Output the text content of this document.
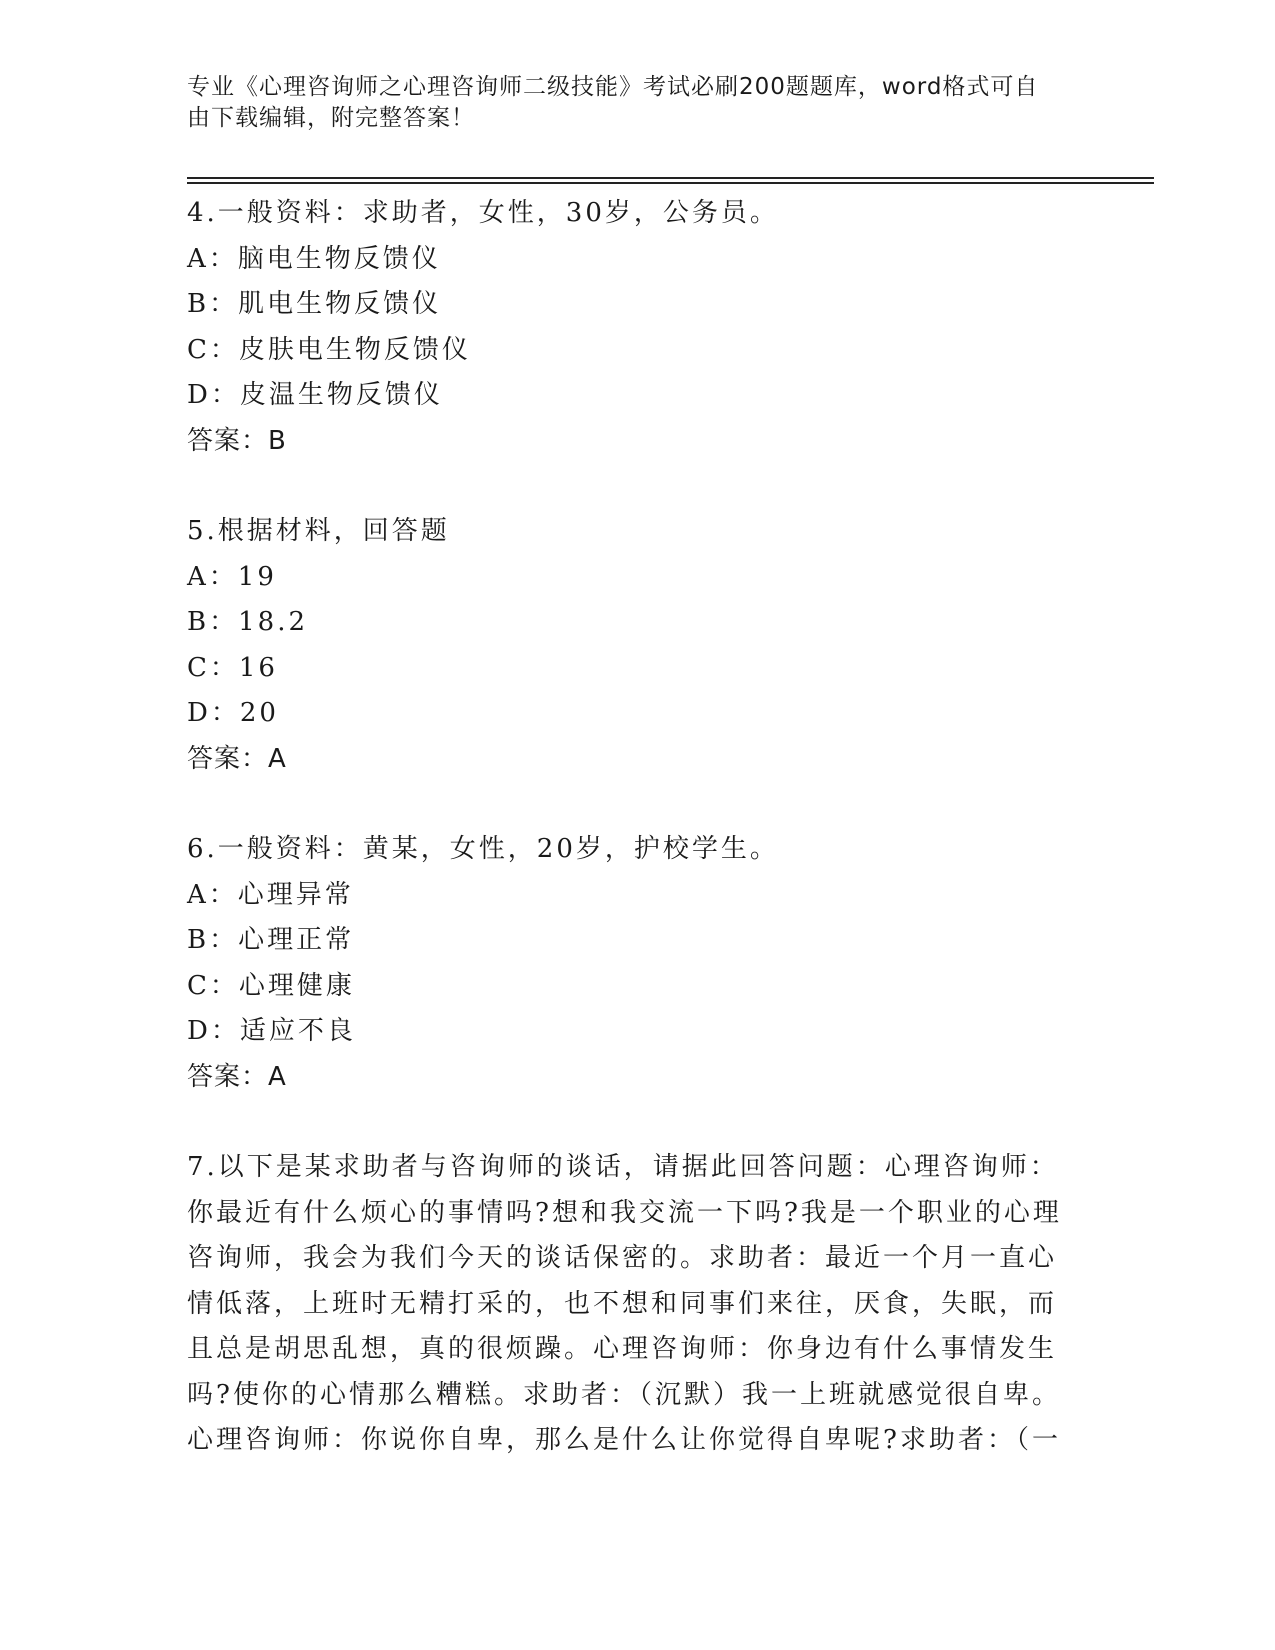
专业《心理咨询师之心理咨询师二级技能》考试必刷200题题库，word格式可自
由下载编辑，附完整答案！
4.一般资料：求助者，女性，30岁，公务员。
A：脑电生物反馈仪
B：肌电生物反馈仪
C：皮肤电生物反馈仪
D：皮温生物反馈仪
答案：B
5.根据材料，回答题
A：19
B：18.2
C：16
D：20
答案：A
6.一般资料：黄某，女性，20岁，护校学生。
A：心理异常
B：心理正常
C：心理健康
D：适应不良
答案：A
7.以下是某求助者与咨询师的谈话，请据此回答问题：心理咨询师：
你最近有什么烦心的事情吗?想和我交流一下吗?我是一个职业的心理
咨询师，我会为我们今天的谈话保密的。求助者：最近一个月一直心
情低落，上班时无精打采的，也不想和同事们来往，厌食，失眠，而
且总是胡思乱想，真的很烦躁。心理咨询师：你身边有什么事情发生
吗?使你的心情那么糟糕。求助者：（沉默）我一上班就感觉很自卑。
心理咨询师：你说你自卑，那么是什么让你觉得自卑呢?求助者：（一
